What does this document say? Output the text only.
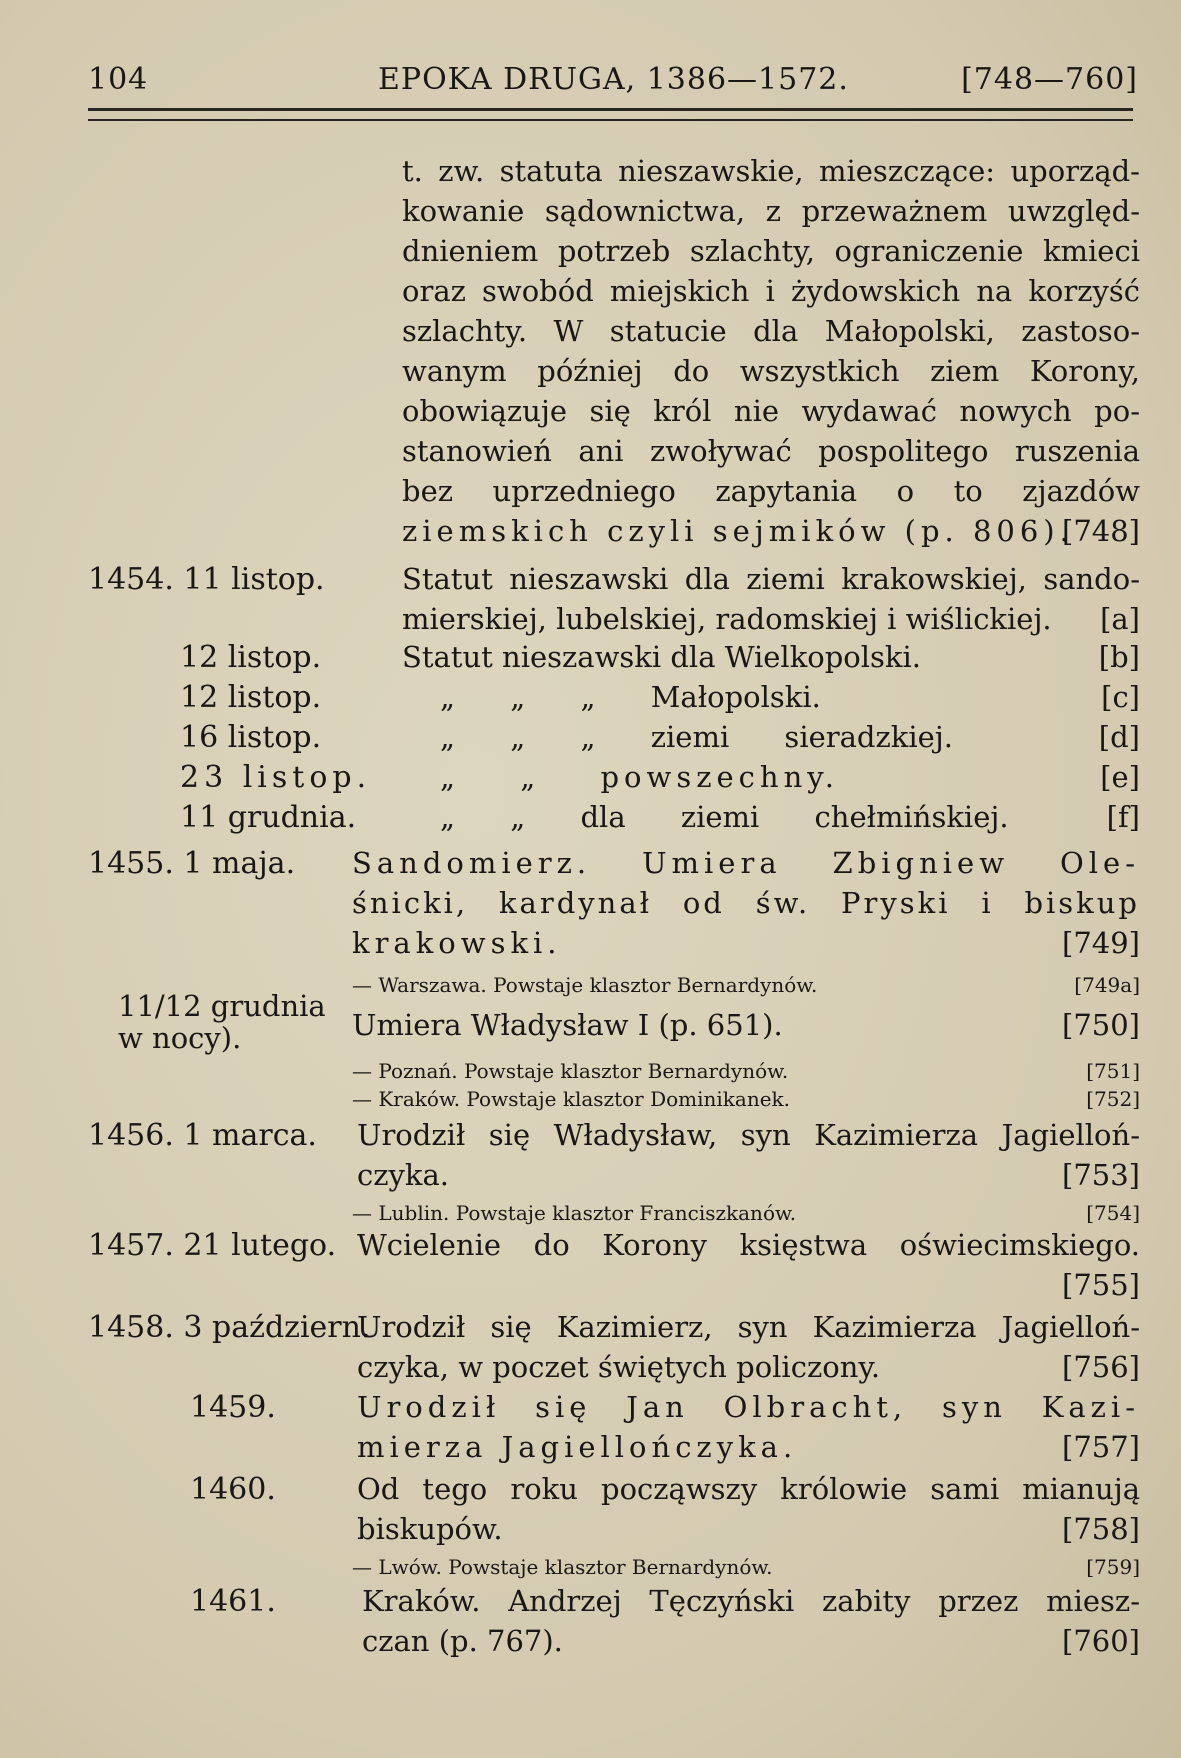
104	EPOKA DRUGA, 1386—1572.	[748—760]
t. zw. statuta nieszawskie, mieszczące: uporząd-
kowanie sądownictwa, z przeważnem uwzględ-
dnieniem potrzeb szlachty, ograniczenie kmieci
oraz swobód miejskich i żydowskich na korzyść
szlachty. W statucie dla Małopolski, zastoso-
wanym później do wszystkich ziem Korony,
obowiązuje się król nie wydawać nowych po-
stanowień ani zwoływać pospolitego ruszenia
bez uprzedniego zapytania o to zjazdów
ziemskich czyli sejmików (p. 806).
[748]
1454. 11 listop.	Statut nieszawski dla ziemi krakowskiej, sando-
mierskiej, lubelskiej, radomskiej i wiślickiej. [a]
12 listop.	Statut nieszawski dla Wielkopolski.	[b]
12 listop.	„ „ „ Małopolski.	[c]
16 listop.	„ „ „ ziemi sieradzkiej.	[d]
23 listop. „ „ powszechny.	[e]
11 grudnia.	„ „ dla ziemi chełmińskiej.	[f]
1455. 1 maja. Sandomierz. Umiera Zbigniew Ole-
śnicki, kardynał od św. Pryski i biskup
krakowski.	[749]
— Warszawa. Powstaje klasztor Bernardynów.	[749a]
11/12 grudnia w nocy).	Umiera Władysław I (p. 651).	[750]
— Poznań. Powstaje klasztor Bernardynów.	[751]
— Kraków. Powstaje klasztor Dominikanek.	[752]
1456. 1 marca. Urodził się Władysław, syn Kazimierza Jagielloń-
czyka.	[753]
— Lublin. Powstaje klasztor Franciszkanów.	[754]
1457. 21 lutego. Wcielenie do Korony księstwa oświecimskiego.
[755]
1458. 3 październ.
Urodził się Kazimierz, syn Kazimierza Jagielloń-
czyka, w poczet świętych policzony.	[756]
1459.	Urodził się Jan Olbracht, syn Kazi-
mierza Jagiellończyka.	[757]
1460.	Od tego roku począwszy królowie sami mianują
biskupów.	[758]
— Lwów. Powstaje klasztor Bernardynów.	[759]
1461.	Kraków. Andrzej Tęczyński zabity przez miesz-
czan (p. 767).	[760]
